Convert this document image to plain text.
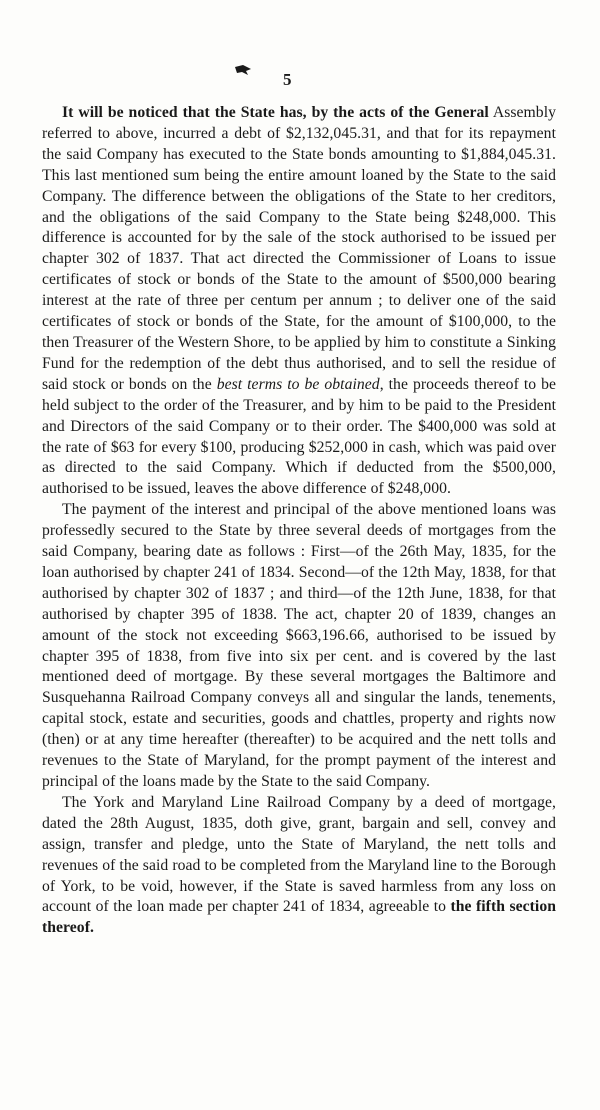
5

It will be noticed that the State has, by the acts of the General Assembly referred to above, incurred a debt of $2,132,045.31, and that for its repayment the said Company has executed to the State bonds amounting to $1,884,045.31. This last mentioned sum being the entire amount loaned by the State to the said Company. The difference between the obligations of the State to her creditors, and the obligations of the said Company to the State being $248,000. This difference is accounted for by the sale of the stock authorised to be issued per chapter 302 of 1837. That act directed the Commissioner of Loans to issue certificates of stock or bonds of the State to the amount of $500,000 bearing interest at the rate of three per centum per annum ; to deliver one of the said certificates of stock or bonds of the State, for the amount of $100,000, to the then Treasurer of the Western Shore, to be applied by him to constitute a Sinking Fund for the redemption of the debt thus authorised, and to sell the residue of said stock or bonds on the best terms to be obtained, the proceeds thereof to be held subject to the order of the Treasurer, and by him to be paid to the President and Directors of the said Company or to their order. The $400,000 was sold at the rate of $63 for every $100, producing $252,000 in cash, which was paid over as directed to the said Company. Which if deducted from the $500,000, authorised to be issued, leaves the above difference of $248,000.

The payment of the interest and principal of the above mentioned loans was professedly secured to the State by three several deeds of mortgages from the said Company, bearing date as follows : First—of the 26th May, 1835, for the loan authorised by chapter 241 of 1834. Second—of the 12th May, 1838, for that authorised by chapter 302 of 1837 ; and third—of the 12th June, 1838, for that authorised by chapter 395 of 1838. The act, chapter 20 of 1839, changes an amount of the stock not exceeding $663,196.66, authorised to be issued by chapter 395 of 1838, from five into six per cent. and is covered by the last mentioned deed of mortgage. By these several mortgages the Baltimore and Susquehanna Railroad Company conveys all and singular the lands, tenements, capital stock, estate and securities, goods and chattles, property and rights now (then) or at any time hereafter (thereafter) to be acquired and the nett tolls and revenues to the State of Maryland, for the prompt payment of the interest and principal of the loans made by the State to the said Company.

The York and Maryland Line Railroad Company by a deed of mortgage, dated the 28th August, 1835, doth give, grant, bargain and sell, convey and assign, transfer and pledge, unto the State of Maryland, the nett tolls and revenues of the said road to be completed from the Maryland line to the Borough of York, to be void, however, if the State is saved harmless from any loss on account of the loan made per chapter 241 of 1834, agreeable to the fifth section thereof.
